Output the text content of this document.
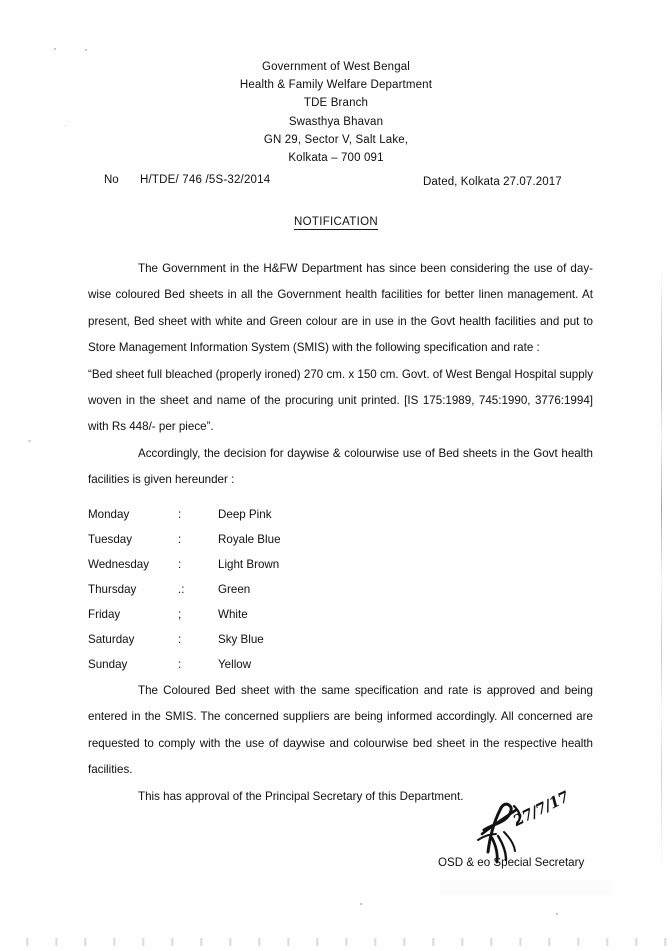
Government of West Bengal
Health & Family Welfare Department
TDE Branch
Swasthya Bhavan
GN 29, Sector V, Salt Lake,
Kolkata – 700 091
No H/TDE/ 746 /5S-32/2014	Dated, Kolkata 27.07.2017
NOTIFICATION

The Government in the H&FW Department has since been considering the use of day-wise coloured Bed sheets in all the Government health facilities for better linen management. At present, Bed sheet with white and Green colour are in use in the Govt health facilities and put to Store Management Information System (SMIS) with the following specification and rate :

“Bed sheet full bleached (properly ironed) 270 cm. x 150 cm. Govt. of West Bengal Hospital supply woven in the sheet and name of the procuring unit printed. [IS 175:1989, 745:1990, 3776:1994] with Rs 448/- per piece”.

Accordingly, the decision for daywise & colourwise use of Bed sheets in the Govt health facilities is given hereunder :

Monday	:	Deep Pink
Tuesday	:	Royale Blue
Wednesday :	Light Brown
Thursday	.:	Green
Friday	;	White
Saturday	:	Sky Blue
Sunday	:	Yellow

The Coloured Bed sheet with the same specification and rate is approved and being entered in the SMIS. The concerned suppliers are being informed accordingly. All concerned are requested to comply with the use of daywise and colourwise bed sheet in the respective health facilities.

This has approval of the Principal Secretary of this Department.	27/7/17
OSD & eo Special Secretary
